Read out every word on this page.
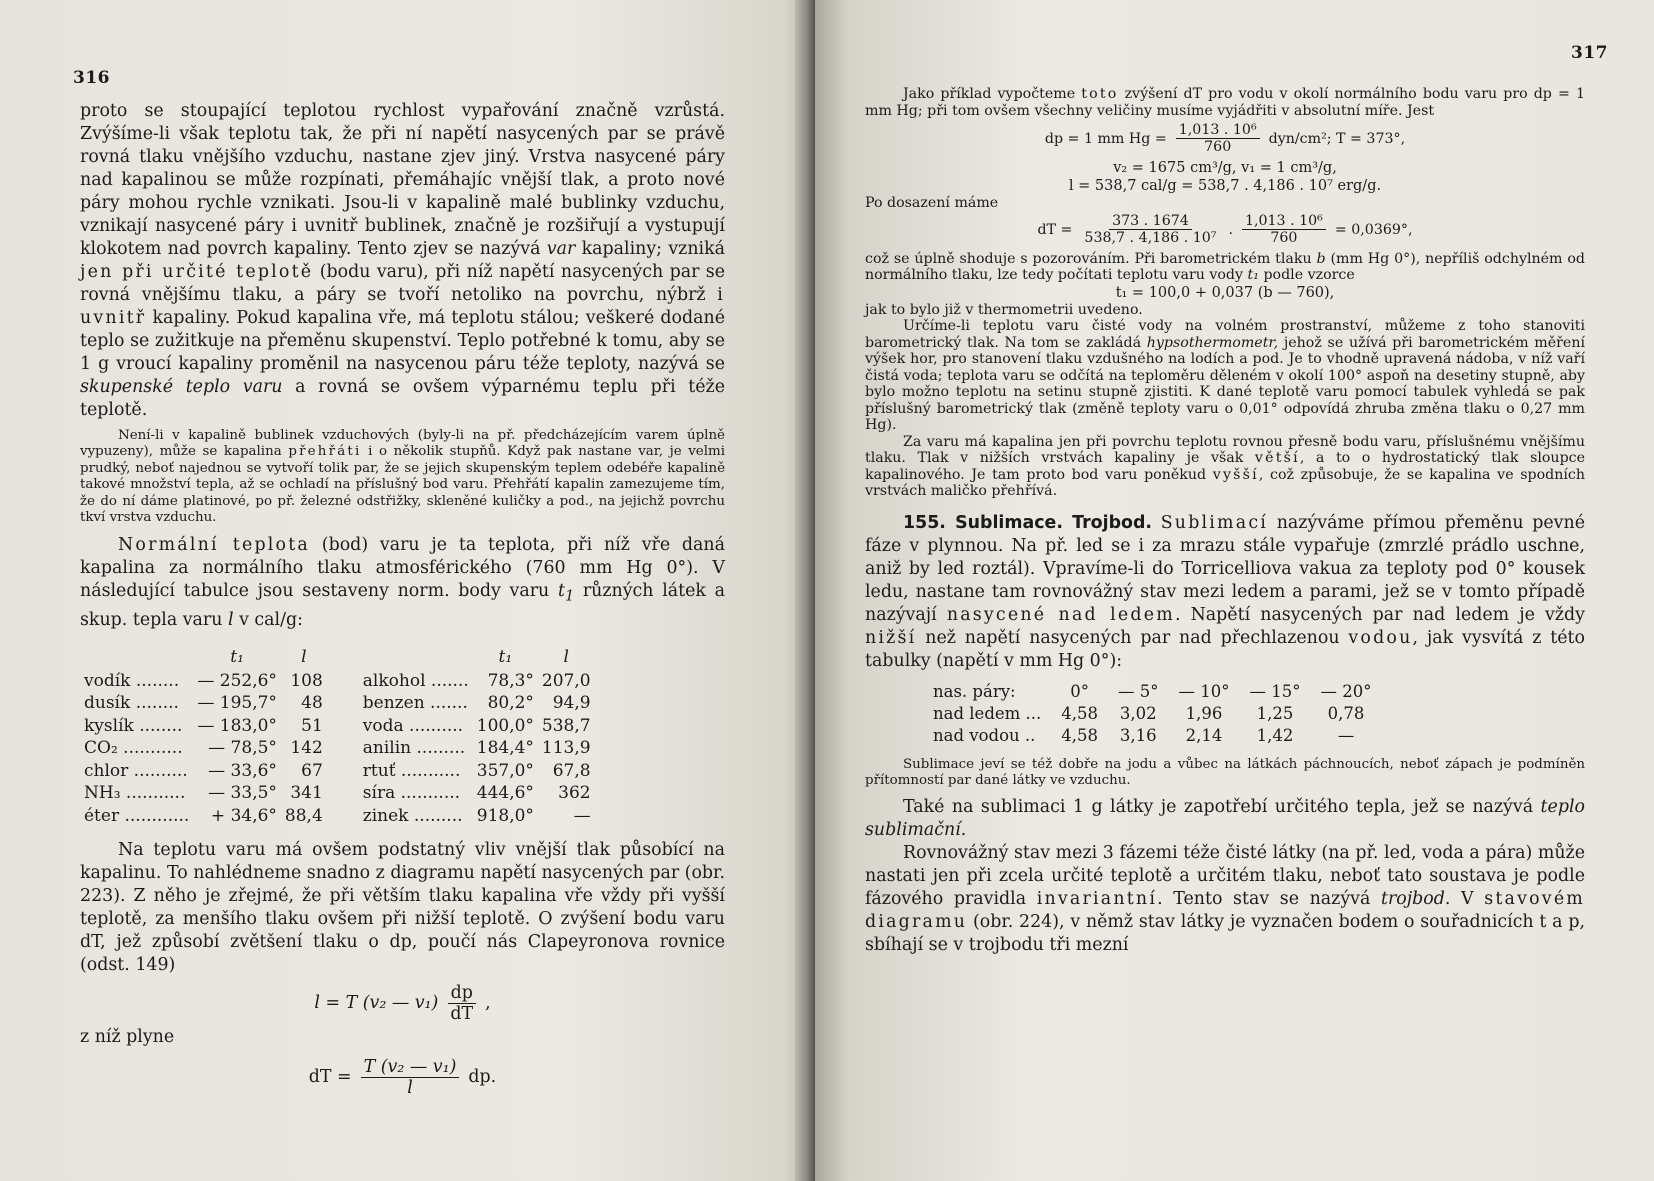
316

proto se stoupající teplotou rychlost vypařování značně vzrůstá. Zvýšíme-li však teplotu tak, že při ní napětí nasycených par se právě rovná tlaku vnějšího vzduchu, nastane zjev jiný. Vrstva nasycené páry nad kapalinou se může rozpínati, přemáhajíc vnější tlak, a proto nové páry mohou rychle vznikati. Jsou-li v kapalině malé bublinky vzduchu, vznikají nasycené páry i uvnitř bublinek, značně je rozšiřují a vystupují klokotem nad povrch kapaliny. Tento zjev se nazývá var kapaliny; vzniká jen při určité teplotě (bodu varu), při níž napětí nasycených par se rovná vnějšímu tlaku, a páry se tvoří netoliko na povrchu, nýbrž i uvnitř kapaliny. Pokud kapalina vře, má teplotu stálou; veškeré dodané teplo se zužitkuje na přeměnu skupenství. Teplo potřebné k tomu, aby se 1 g vroucí kapaliny proměnil na nasycenou páru téže teploty, nazývá se skupenské teplo varu a rovná se ovšem výparnému teplu při téže teplotě.

Není-li v kapalině bublinek vzduchových (byly-li na př. předcházejícím varem úplně vypuzeny), může se kapalina přehřáti i o několik stupňů. Když pak nastane var, je velmi prudký, neboť najednou se vytvoří tolik par, že se jejich skupenským teplem odebéře kapalině takové množství tepla, až se ochladí na příslušný bod varu. Přehřátí kapalin zamezujeme tím, že do ní dáme platinové, po př. železné odstřižky, skleněné kuličky a pod., na jejichž povrchu tkví vrstva vzduchu.

Normální teplota (bod) varu je ta teplota, při níž vře daná kapalina za normálního tlaku atmosférického (760 mm Hg 0°). V následující tabulce jsou sestaveny norm. body varu $t_1$ různých látek a skup. tepla varu l v cal/g:

	t₁	l			t₁	l
vodík ........	— 252,6°	108		alkohol .......	78,3°	207,0
dusík ........	— 195,7°	48		benzen .......	80,2°	94,9
kyslík ........	— 183,0°	51		voda ..........	100,0°	538,7
CO₂ ...........	— 78,5°	142		anilin .........	184,4°	113,9
chlor ..........	— 33,6°	67		rtuť ...........	357,0°	67,8
NH₃ ...........	— 33,5°	341		síra ...........	444,6°	362
éter ............	+ 34,6°	88,4		zinek .........	918,0°	—

Na teplotu varu má ovšem podstatný vliv vnější tlak působící na kapalinu. To nahlédneme snadno z diagramu napětí nasycených par (obr. 223). Z něho je zřejmé, že při větším tlaku kapalina vře vždy při vyšší teplotě, za menšího tlaku ovšem při nižší teplotě. O zvýšení bodu varu dT, jež způsobí zvětšení tlaku o dp, poučí nás Clapeyronova rovnice (odst. 149)

l = T (v₂ — $v_1) \frac{dp}{dT}$ ,

z níž plyne

dT = $\frac{\text{T (v₂ — v₁)}}{l}$ dp.
317

Jako příklad vypočteme toto zvýšení dT pro vodu v okolí normálního bodu varu pro dp = 1 mm Hg; při tom ovšem všechny veličiny musíme vyjádřiti v absolutní míře. Jest

dp = 1 mm $Hg = \frac{\text{1,013 . 10⁶}}{760} dyn/cm^2$; T = 373°,
v₂ = 1675 cm³/g, v₁ = 1 cm³/g,
l = 538,7 cal/g = 538,7 . 4,186 . 10⁷ erg/g.

Po dosazení máme

dT = $\frac{373 . 1674}{\text{538,7 . 4,186 . 10⁷}}$ . $\frac{\text{1,013 . 10⁶}}{760} = 0,0369^\circ$,

což se úplně shoduje s pozorováním. Při barometrickém tlaku b (mm Hg 0°), nepříliš odchylném od normálního tlaku, lze tedy počítati teplotu varu vody t₁ podle vzorce

t₁ = 100,0 + 0,037 (b — 760),

jak to bylo již v thermometrii uvedeno.

Určíme-li teplotu varu čisté vody na volném prostranství, můžeme z toho stanoviti barometrický tlak. Na tom se zakládá hypsothermometr, jehož se užívá při barometrickém měření výšek hor, pro stanovení tlaku vzdušného na lodích a pod. Je to vhodně upravená nádoba, v níž vaří čistá voda; teplota varu se odčítá na teploměru děleném v okolí 100° aspoň na desetiny stupně, aby bylo možno teplotu na setinu stupně zjistiti. K dané teplotě varu pomocí tabulek vyhledá se pak příslušný barometrický tlak (změně teploty varu o 0,01° odpovídá zhruba změna tlaku o 0,27 mm Hg).

Za varu má kapalina jen při povrchu teplotu rovnou přesně bodu varu, příslušnému vnějšímu tlaku. Tlak v nižších vrstvách kapaliny je však větší, a to o hydrostatický tlak sloupce kapalinového. Je tam proto bod varu poněkud vyšší, což způsobuje, že se kapalina ve spodních vrstvách maličko přehřívá.

155. Sublimace. Trojbod. Sublimací nazýváme přímou přeměnu pevné fáze v plynnou. Na př. led se i za mrazu stále vypařuje (zmrzlé prádlo uschne, aniž by led roztál). Vpravíme-li do Torricelliova vakua za teploty pod 0° kousek ledu, nastane tam rovnovážný stav mezi ledem a parami, jež se v tomto případě nazývají nasycené nad ledem. Napětí nasycených par nad ledem je vždy nižší než napětí nasycených par nad přechlazenou vodou, jak vysvítá z této tabulky (napětí v mm Hg 0°):

nas. páry:	0°	— 5°	— 10°	— 15°	— 20°
nad ledem ...	4,58	3,02	1,96	1,25	0,78
nad vodou ..	4,58	3,16	2,14	1,42	—

Sublimace jeví se též dobře na jodu a vůbec na látkách páchnoucích, neboť zápach je podmíněn přítomností par dané látky ve vzduchu.

Také na sublimaci 1 g látky je zapotřebí určitého tepla, jež se nazývá teplo sublimační.

Rovnovážný stav mezi 3 fázemi téže čisté látky (na př. led, voda a pára) může nastati jen při zcela určité teplotě a určitém tlaku, neboť tato soustava je podle fázového pravidla invariantní. Tento stav se nazývá trojbod. V stavovém diagramu (obr. 224), v němž stav látky je vyznačen bodem o souřadnicích t a p, sbíhají se v trojbodu tři mezní
